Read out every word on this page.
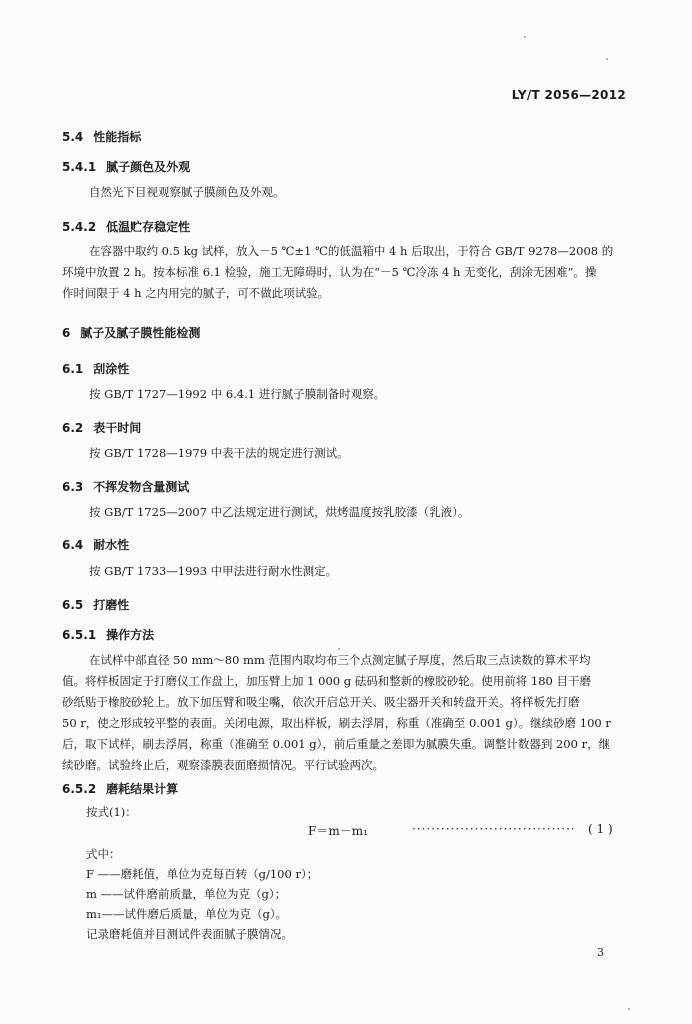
LY/T 2056—2012
5.4 性能指标
5.4.1 腻子颜色及外观
自然光下目视观察腻子膜颜色及外观。
5.4.2 低温贮存稳定性
在容器中取约 0.5 kg 试样，放入－5 ℃±1 ℃的低温箱中 4 h 后取出，于符合 GB/T 9278—2008 的
环境中放置 2 h。按本标准 6.1 检验，施工无障碍时，认为在“－5 ℃冷冻 4 h 无变化，刮涂无困难”。操
作时间限于 4 h 之内用完的腻子，可不做此项试验。
6 腻子及腻子膜性能检测
6.1 刮涂性
按 GB/T 1727—1992 中 6.4.1 进行腻子膜制备时观察。
6.2 表干时间
按 GB/T 1728—1979 中表干法的规定进行测试。
6.3 不挥发物含量测试
按 GB/T 1725—2007 中乙法规定进行测试，烘烤温度按乳胶漆（乳液）。
6.4 耐水性
按 GB/T 1733—1993 中甲法进行耐水性测定。
6.5 打磨性
6.5.1 操作方法
在试样中部直径 50 mm～80 mm 范围内取均布三个点测定腻子厚度，然后取三点读数的算术平均
值。将样板固定于打磨仪工作盘上，加压臂上加 1 000 g 砝码和整新的橡胶砂轮。使用前将 180 目干磨
砂纸贴于橡胶砂轮上。放下加压臂和吸尘嘴，依次开启总开关、吸尘器开关和转盘开关。将样板先打磨
50 r，使之形成较平整的表面。关闭电源，取出样板，刷去浮屑，称重（准确至 0.001 g）。继续砂磨 100 r
后，取下试样，刷去浮屑，称重（准确至 0.001 g），前后重量之差即为腻膜失重。调整计数器到 200 r，继
续砂磨。试验终止后，观察漆膜表面磨损情况。平行试验两次。
6.5.2 磨耗结果计算
按式(1)：
F＝m－m₁	·································· ( 1 )
式中：
F ——磨耗值，单位为克每百转（g/100 r）；
m ——试件磨前质量，单位为克（g）；
m₁——试件磨后质量，单位为克（g）。
记录磨耗值并目测试件表面腻子膜情况。
3
